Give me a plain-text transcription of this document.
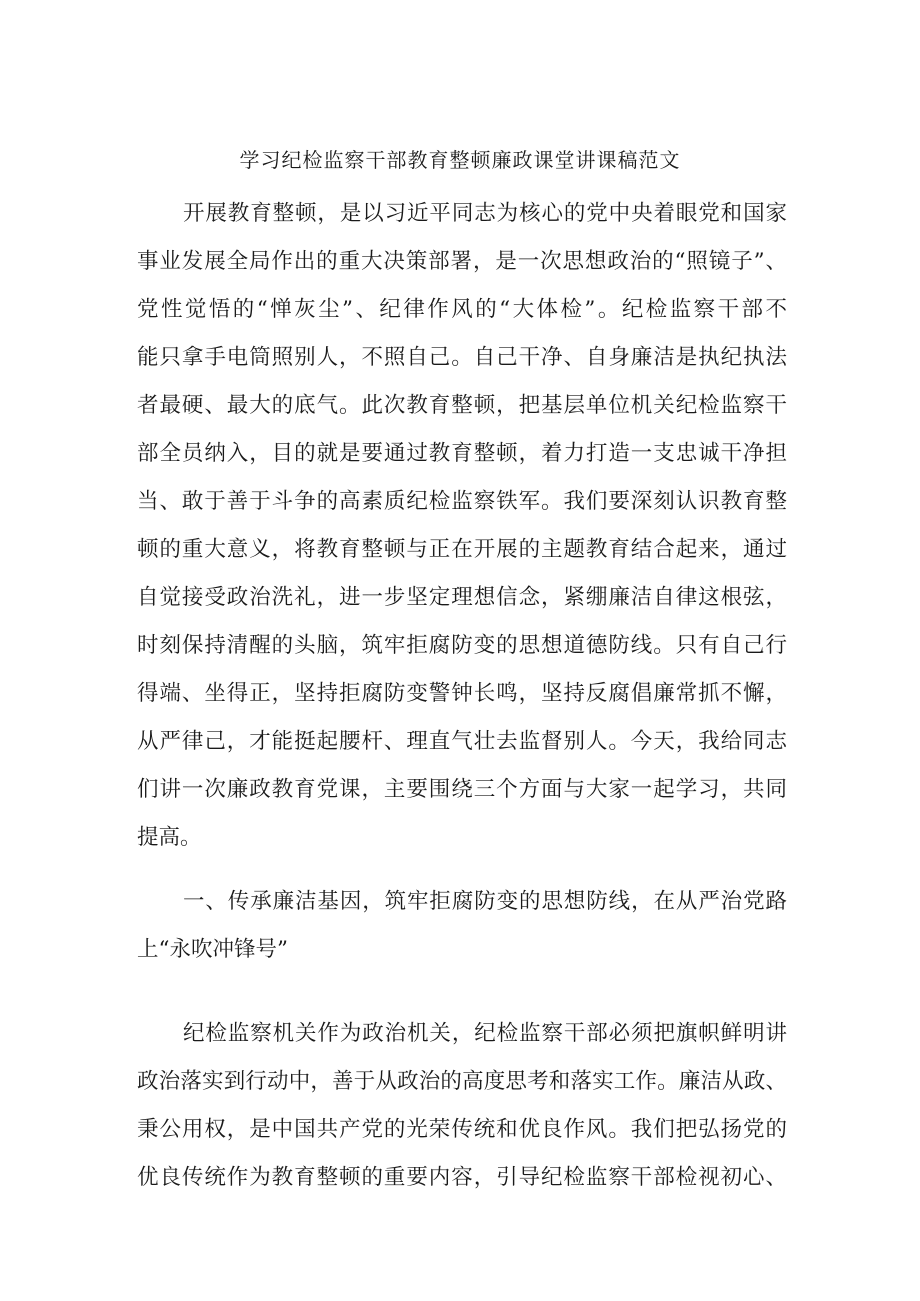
学习纪检监察干部教育整顿廉政课堂讲课稿范文
开展教育整顿，是以习近平同志为核心的党中央着眼党和国家
事业发展全局作出的重大决策部署，是一次思想政治的“照镜子”、
党性觉悟的“惮灰尘”、纪律作风的“大体检”。纪检监察干部不
能只拿手电筒照别人，不照自己。自己干净、自身廉洁是执纪执法
者最硬、最大的底气。此次教育整顿，把基层单位机关纪检监察干
部全员纳入，目的就是要通过教育整顿，着力打造一支忠诚干净担
当、敢于善于斗争的高素质纪检监察铁军。我们要深刻认识教育整
顿的重大意义，将教育整顿与正在开展的主题教育结合起来，通过
自觉接受政治洗礼，进一步坚定理想信念，紧绷廉洁自律这根弦，
时刻保持清醒的头脑，筑牢拒腐防变的思想道德防线。只有自己行
得端、坐得正，坚持拒腐防变警钟长鸣，坚持反腐倡廉常抓不懈，
从严律己，才能挺起腰杆、理直气壮去监督别人。今天，我给同志
们讲一次廉政教育党课，主要围绕三个方面与大家一起学习，共同
提高。
一、传承廉洁基因，筑牢拒腐防变的思想防线，在从严治党路
上“永吹冲锋号”
纪检监察机关作为政治机关，纪检监察干部必须把旗帜鲜明讲
政治落实到行动中，善于从政治的高度思考和落实工作。廉洁从政、
秉公用权，是中国共产党的光荣传统和优良作风。我们把弘扬党的
优良传统作为教育整顿的重要内容，引导纪检监察干部检视初心、
